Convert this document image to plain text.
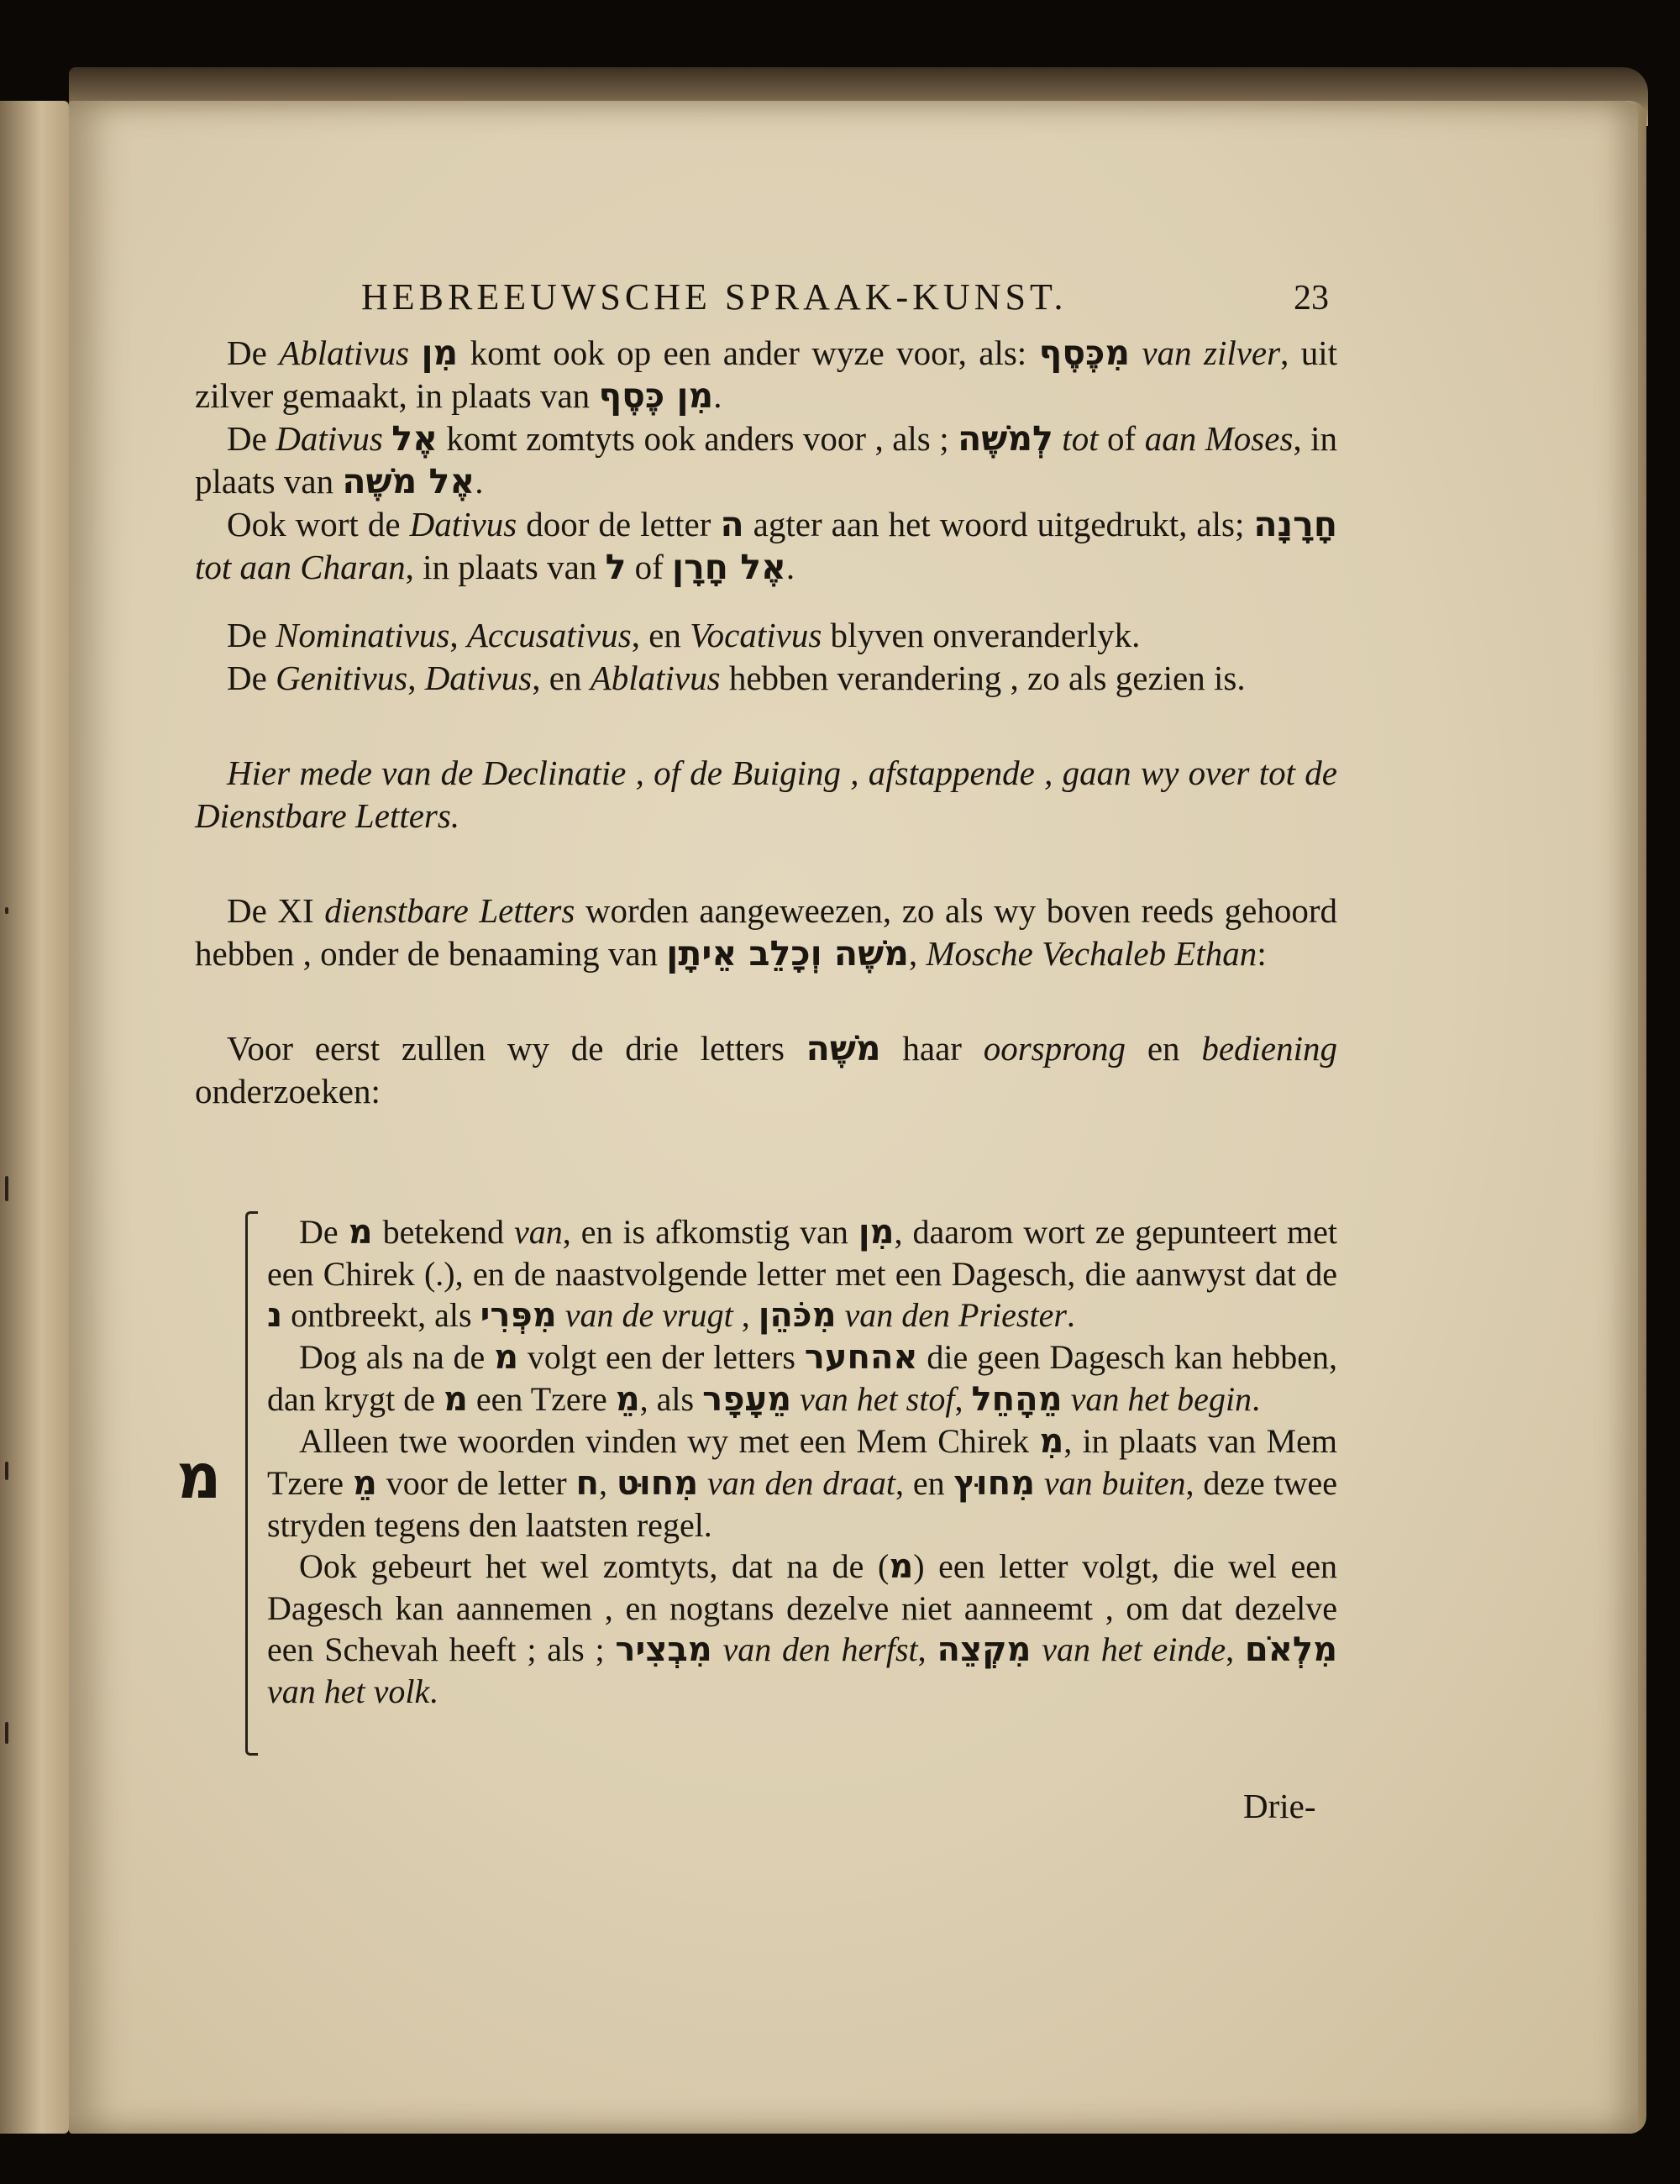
HEBREEUWSCHE SPRAAK-KUNST.	23

De Ablativus מִן komt ook op een ander wyze voor, als: מִכֶּסֶף van zilver, uit zilver gemaakt, in plaats van מִן כֶּסֶף.

De Dativus אֶל komt zomtyts ook anders voor , als ; לְמֹשֶׁה tot of aan Moses, in plaats van אֶל מֹשֶׁה.

Ook wort de Dativus door de letter ה agter aan het woord uitgedrukt, als; חָרָנָה tot aan Charan, in plaats van ל of אֶל חָרָן.

De Nominativus, Accusativus, en Vocativus blyven onveranderlyk.

De Genitivus, Dativus, en Ablativus hebben verandering , zo als gezien is.

Hier mede van de Declinatie , of de Buiging , afstappende , gaan wy over tot de Dienstbare Letters.

De XI dienstbare Letters worden aangeweezen, zo als wy boven reeds gehoord hebben , onder de benaaming van מֹשֶׁה וְכָלֵב אֵיתָן, Mosche Vechaleb Ethan:

Voor eerst zullen wy de drie letters מֹשֶׁה haar oorsprong en bediening onderzoeken:

מ

De מ betekend van, en is afkomstig van מִן, daarom wort ze gepunteert met een Chirek (.), en de naastvolgende letter met een Dagesch, die aanwyst dat de נ ontbreekt, als מִפְּרִי van de vrugt , מִכֹּהֵן van den Priester.

Dog als na de מ volgt een der letters אהחער die geen Dagesch kan hebben, dan krygt de מ een Tzere מֵ, als מֵעָפָר van het stof, מֵהָחֵל van het begin.

Alleen twe woorden vinden wy met een Mem Chirek מִ, in plaats van Mem Tzere מֵ voor de letter ח, מִחוּט van den draat, en מִחוּץ van buiten, deze twee stryden tegens den laatsten regel.

Ook gebeurt het wel zomtyts, dat na de (מ) een letter volgt, die wel een Dagesch kan aannemen , en nogtans dezelve niet aanneemt , om dat dezelve een Schevah heeft ; als ; מִבְצִיר van den herfst, מִקְצֵה van het einde, מִלְאֹם van het volk.

Drie-
